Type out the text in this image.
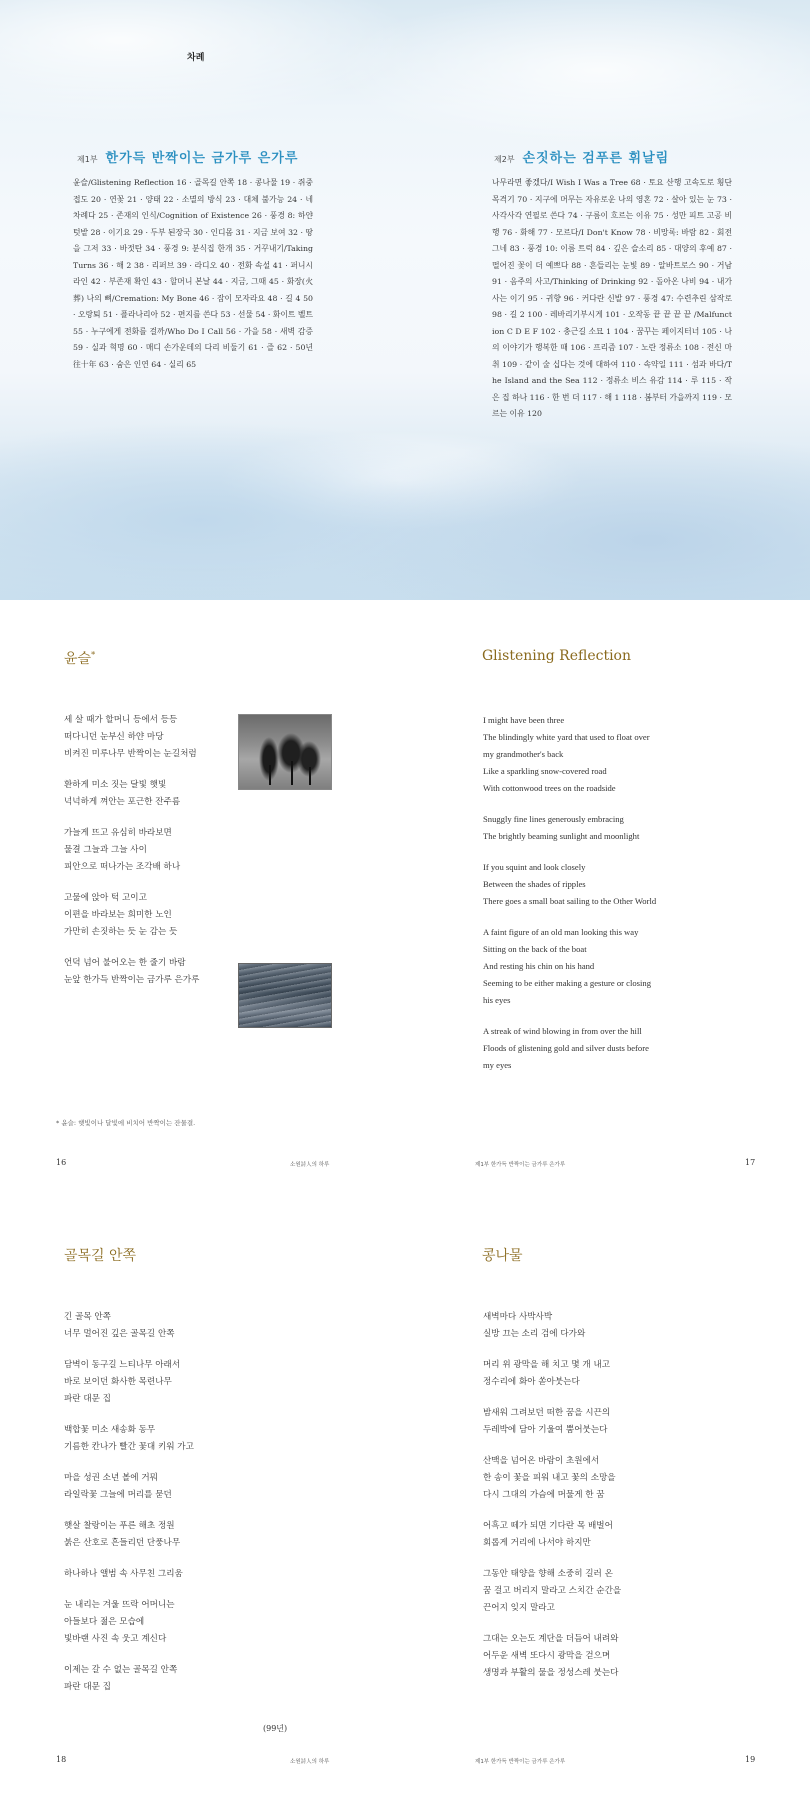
차례
제1부 한가득 반짝이는 금가루 은가루
윤슬/Glistening Reflection 16 · 골목길 안쪽 18 · 콩나물 19 · 쥐중 접도 20 · 연꽃 21 · 양태 22 · 소멸의 방식 23 · 대체 불가능 24 · 네 차례다 25 · 존재의 인식/Cognition of Existence 26 · 풍경 8: 하얀 텃밭 28 · 이기요 29 · 두부 된장국 30 · 인디몸 31 · 지금 보여 32 · 땅을 그저 33 · 바젓탄 34 · 풍경 9: 분식집 한개 35 · 거꾸내기/Taking Turns 36 · 해 2 38 · 리퍼브 39 · 라디오 40 · 전화 속설 41 · 퍼니시 라인 42 · 부존재 확인 43 · 할머니 본날 44 · 지금, 그때 45 · 화장(火葬) 나의 뼈/Cremation: My Bone 46 · 잠이 모자라요 48 · 길 4 50 · 오랑퇴 51 · 플라나리아 52 · 편지를 쓴다 53 · 선물 54 · 화이트 벨트 55 · 누구에게 전화를 걸까/Who Do I Call 56 · 가을 58 · 새벽 감증 59 · 실과 혁명 60 · 매디 손가운데의 다리 비둘기 61 · 즐 62 · 50년 往十年 63 · 숨은 인연 64 · 실리 65
제2부 손짓하는 검푸른 휘날림
나무라면 좋겠다/I Wish I Was a Tree 68 · 토요 산행 고속도로 횡단 목격기 70 · 지구에 머무는 자유로운 나의 영혼 72 · 살아 있는 눈 73 · 사각사각 연필로 쓴다 74 · 구름이 흐르는 이유 75 · 성만 피트 고공 비행 76 · 화해 77 · 모르다/I Don't Know 78 · 비망록: 바람 82 · 회전그네 83 · 풍경 10: 이름 트럭 84 · 깊은 슬소리 85 · 대양의 후예 87 · 떨어진 꽃이 더 예쁘다 88 · 흔들리는 눈빛 89 · 알바트로스 90 · 거남 91 · 음주의 사고/Thinking of Drinking 92 · 돌아온 나비 94 · 내가 사는 이기 95 · 귀향 96 · 커다란 신발 97 · 풍경 47: 수련추린 삼작로 98 · 길 2 100 · 레바리기부시게 101 · 오작동 끝 끝 끝 끝 /Malfunction C D E F 102 · 충근길 소묘 1 104 · 꿈꾸는 페이지터너 105 · 나의 이야기가 행복한 때 106 · 프리즘 107 · 노란 정류소 108 · 전신 마취 109 · 같이 술 십다는 것에 대하여 110 · 속약일 111 · 섬과 바다/The Island and the Sea 112 · 정류소 비스 유감 114 · 루 115 · 작은 집 하나 116 · 한 번 더 117 · 해 1 118 · 봄부터 가을까지 119 · 모르는 이유 120
윤슬*
세 살 때가 할머니 등에서 등등
떠다니던 눈부신 하얀 마당
비켜진 미루나무 반짝이는 눈길처럼
환하게 미소 짓는 달빛 햇빛
넉넉하게 껴안는 포근한 잔주름
가늘게 뜨고 유심히 바라보면
물결 그늘과 그늘 사이
피안으로 떠나가는 조각배 하나
고물에 앉아 턱 고이고
이편을 바라보는 희미한 노인
가만히 손짓하는 듯 눈 감는 듯
언덕 넘어 불어오는 한 줄기 바람
눈앞 한가득 반짝이는 금가루 은가루
* 윤슬: 햇빛이나 달빛에 비치어 반짝이는 잔물결.
16	소원詩人의 하루
Glistening Reflection
I might have been three
The blindingly white yard that used to float over
my grandmother's back
Like a sparkling snow-covered road
With cottonwood trees on the roadside
Snuggly fine lines generously embracing
The brightly beaming sunlight and moonlight
If you squint and look closely
Between the shades of ripples
There goes a small boat sailing to the Other World
A faint figure of an old man looking this way
Sitting on the back of the boat
And resting his chin on his hand
Seeming to be either making a gesture or closing
his eyes
A streak of wind blowing in from over the hill
Floods of glistening gold and silver dusts before
my eyes
제1부 한가득 반짝이는 금가루 은가루	17
골목길 안쪽
긴 골목 안쪽
너무 멀어진 깊은 골목길 안쪽
담벽이 동구길 느티나무 아래서
바로 보이던 화사한 목련나무
파란 대문 집
백합꽃 미소 새송화 동무
기름한 칸나가 빨간 꽃대 키워 가고
마을 성권 소년 볼에 거뭐
라일락꽃 그늘에 머리를 묻던
햇살 찰랑이는 푸른 해초 정원
붉은 산호로 흔들리던 단풍나무
하나하나 앨범 속 사무친 그리움
눈 내리는 겨울 뜨락 어머니는
아들보다 젊은 모습에
빛바랜 사진 속 웃고 계신다
이제는 갈 수 없는 골목길 안쪽
파란 대문 집
(99년)
18	소원詩人의 하루
콩나물
새벽마다 사박사박
실방 끄는 소리 검에 다가와
머리 위 광막을 해 치고 몇 개 내고
정수리에 화아 쏟아붓는다
밤새워 그려보던 떠한 꿈을 시끈의
두레박에 담아 기울여 뿜어붓는다
산맥을 넘어온 바람이 초원에서
한 송이 꽃을 피워 내고 꽃의 소망을
다시 그대의 가슴에 머물게 한 꿈
어흑고 떼가 되면 기다란 목 배벌어
회롭게 거리에 나서야 하지만
그동안 태양을 향해 소중히 길러 온
꿈 걸고 버리지 말라고 스치간 순간을
끈어지 잊지 말라고
그대는 오는도 계단을 더듬어 내려와
어두운 새벽 또다시 광막을 걷으며
생명과 부활의 물을 정성스레 붓는다
제1부 한가득 반짝이는 금가루 은가루	19
